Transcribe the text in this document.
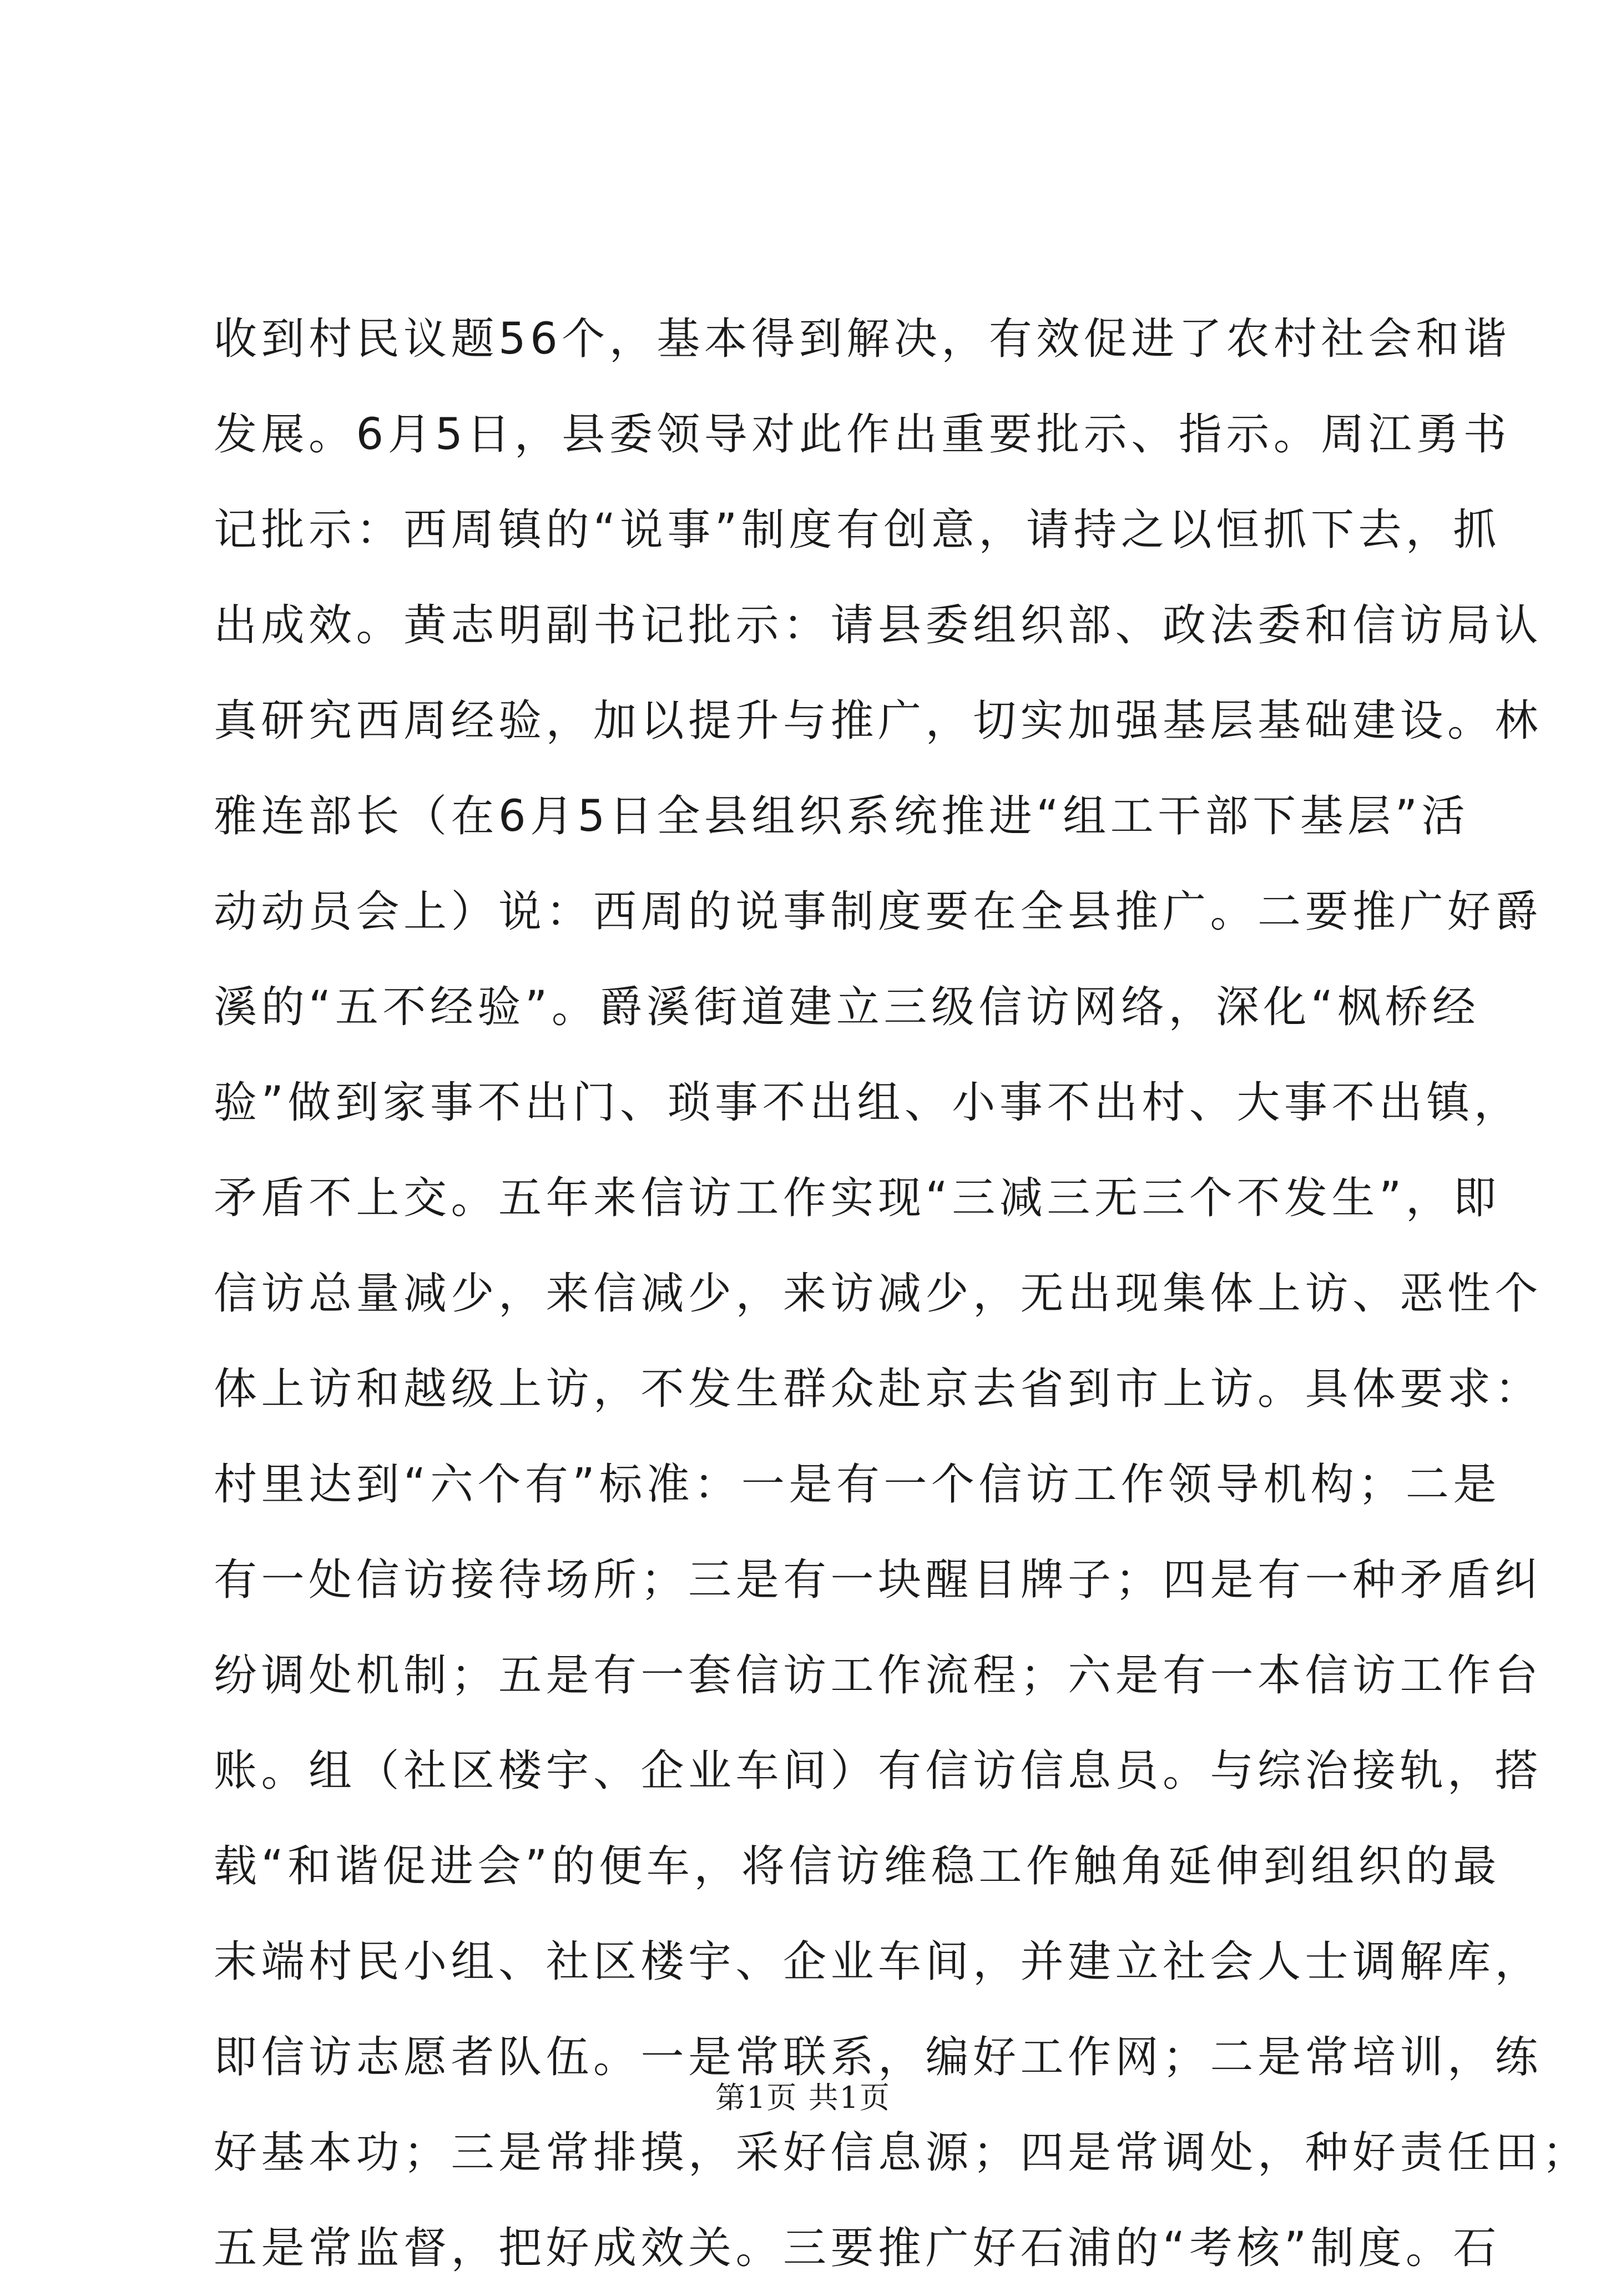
收到村民议题56个，基本得到解决，有效促进了农村社会和谐
发展。6月5日，县委领导对此作出重要批示、指示。周江勇书
记批示：西周镇的“说事”制度有创意，请持之以恒抓下去，抓
出成效。黄志明副书记批示：请县委组织部、政法委和信访局认
真研究西周经验，加以提升与推广，切实加强基层基础建设。林
雅连部长（在6月5日全县组织系统推进“组工干部下基层”活
动动员会上）说：西周的说事制度要在全县推广。二要推广好爵
溪的“五不经验”。爵溪街道建立三级信访网络，深化“枫桥经
验”做到家事不出门、琐事不出组、小事不出村、大事不出镇，
矛盾不上交。五年来信访工作实现“三减三无三个不发生”，即
信访总量减少，来信减少，来访减少，无出现集体上访、恶性个
体上访和越级上访，不发生群众赴京去省到市上访。具体要求：
村里达到“六个有”标准：一是有一个信访工作领导机构；二是
有一处信访接待场所；三是有一块醒目牌子；四是有一种矛盾纠
纷调处机制；五是有一套信访工作流程；六是有一本信访工作台
账。组（社区楼宇、企业车间）有信访信息员。与综治接轨，搭
载“和谐促进会”的便车，将信访维稳工作触角延伸到组织的最
末端村民小组、社区楼宇、企业车间，并建立社会人士调解库，
即信访志愿者队伍。一是常联系，编好工作网；二是常培训，练
好基本功；三是常排摸，采好信息源；四是常调处，种好责任田；
五是常监督，把好成效关。三要推广好石浦的“考核”制度。石
第1页 共1页
